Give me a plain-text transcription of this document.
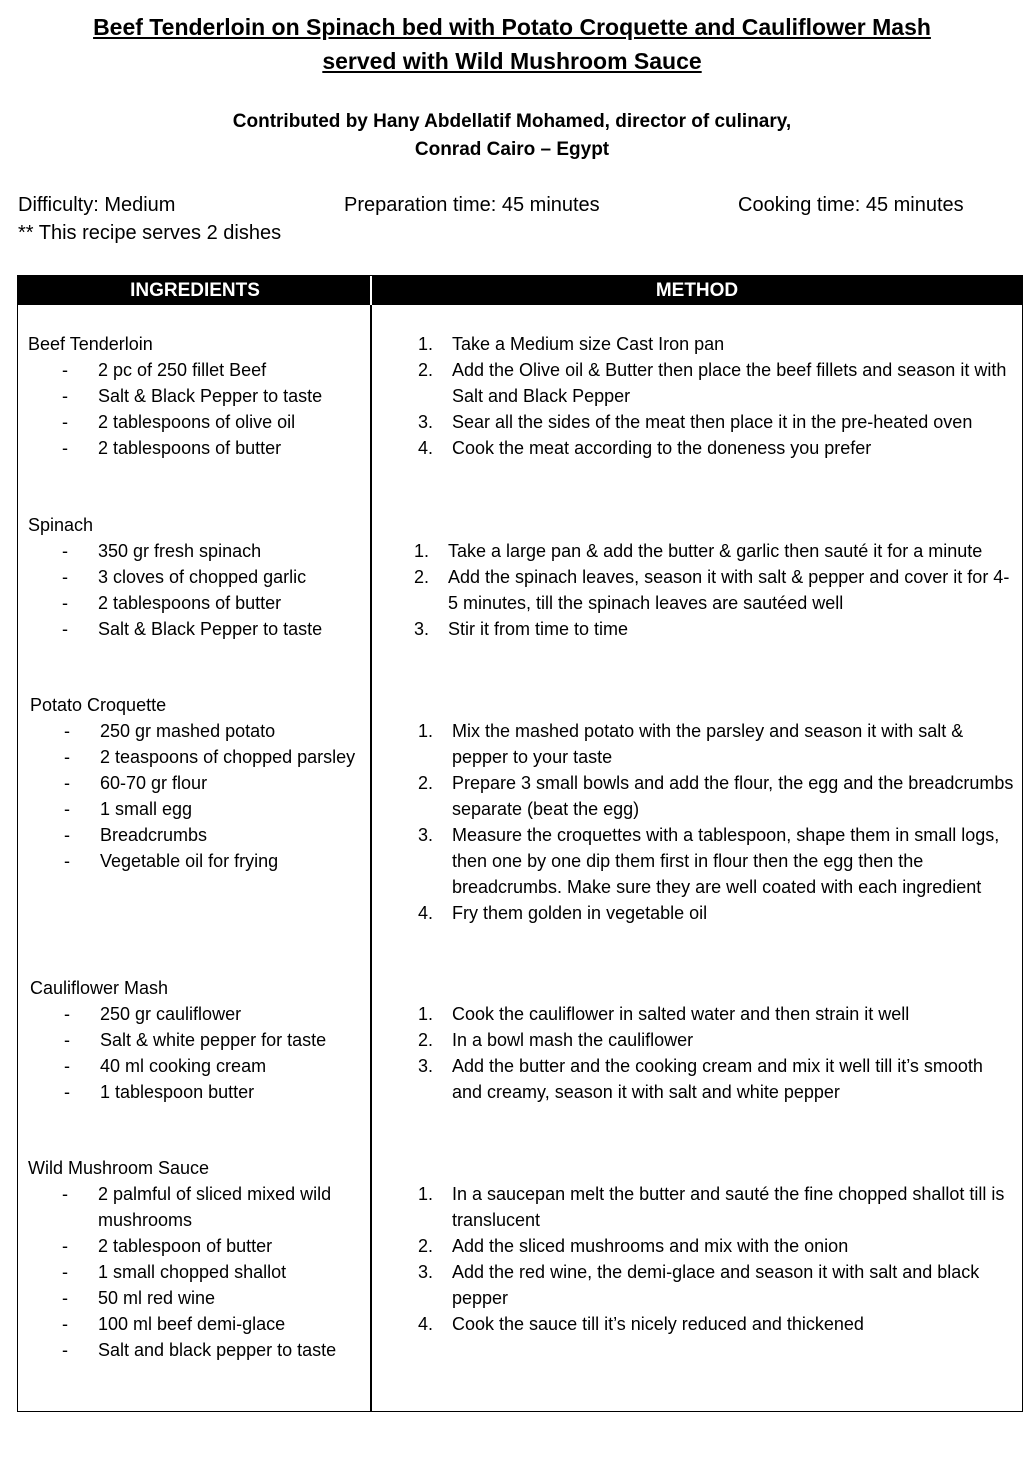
Beef Tenderloin on Spinach bed with Potato Croquette and Cauliflower Mash
served with Wild Mushroom Sauce
Contributed by Hany Abdellatif Mohamed, director of culinary,
Conrad Cairo – Egypt
Difficulty: Medium	Preparation time: 45 minutes	Cooking time: 45 minutes
** This recipe serves 2 dishes
INGREDIENTS	METHOD
Beef Tenderloin
- 2 pc of 250 fillet Beef
- Salt & Black Pepper to taste
- 2 tablespoons of olive oil
- 2 tablespoons of butter
1. Take a Medium size Cast Iron pan
2. Add the Olive oil & Butter then place the beef fillets and season it with Salt and Black Pepper
3. Sear all the sides of the meat then place it in the pre-heated oven
4. Cook the meat according to the doneness you prefer
Spinach
- 350 gr fresh spinach
- 3 cloves of chopped garlic
- 2 tablespoons of butter
- Salt & Black Pepper to taste
1. Take a large pan & add the butter & garlic then sauté it for a minute
2. Add the spinach leaves, season it with salt & pepper and cover it for 4-5 minutes, till the spinach leaves are sautéed well
3. Stir it from time to time
Potato Croquette
- 250 gr mashed potato
- 2 teaspoons of chopped parsley
- 60-70 gr flour
- 1 small egg
- Breadcrumbs
- Vegetable oil for frying
1. Mix the mashed potato with the parsley and season it with salt & pepper to your taste
2. Prepare 3 small bowls and add the flour, the egg and the breadcrumbs separate (beat the egg)
3. Measure the croquettes with a tablespoon, shape them in small logs, then one by one dip them first in flour then the egg then the breadcrumbs. Make sure they are well coated with each ingredient
4. Fry them golden in vegetable oil
Cauliflower Mash
- 250 gr cauliflower
- Salt & white pepper for taste
- 40 ml cooking cream
- 1 tablespoon butter
1. Cook the cauliflower in salted water and then strain it well
2. In a bowl mash the cauliflower
3. Add the butter and the cooking cream and mix it well till it’s smooth and creamy, season it with salt and white pepper
Wild Mushroom Sauce
- 2 palmful of sliced mixed wild mushrooms
- 2 tablespoon of butter
- 1 small chopped shallot
- 50 ml red wine
- 100 ml beef demi-glace
- Salt and black pepper to taste
1. In a saucepan melt the butter and sauté the fine chopped shallot till is translucent
2. Add the sliced mushrooms and mix with the onion
3. Add the red wine, the demi-glace and season it with salt and black pepper
4. Cook the sauce till it’s nicely reduced and thickened
